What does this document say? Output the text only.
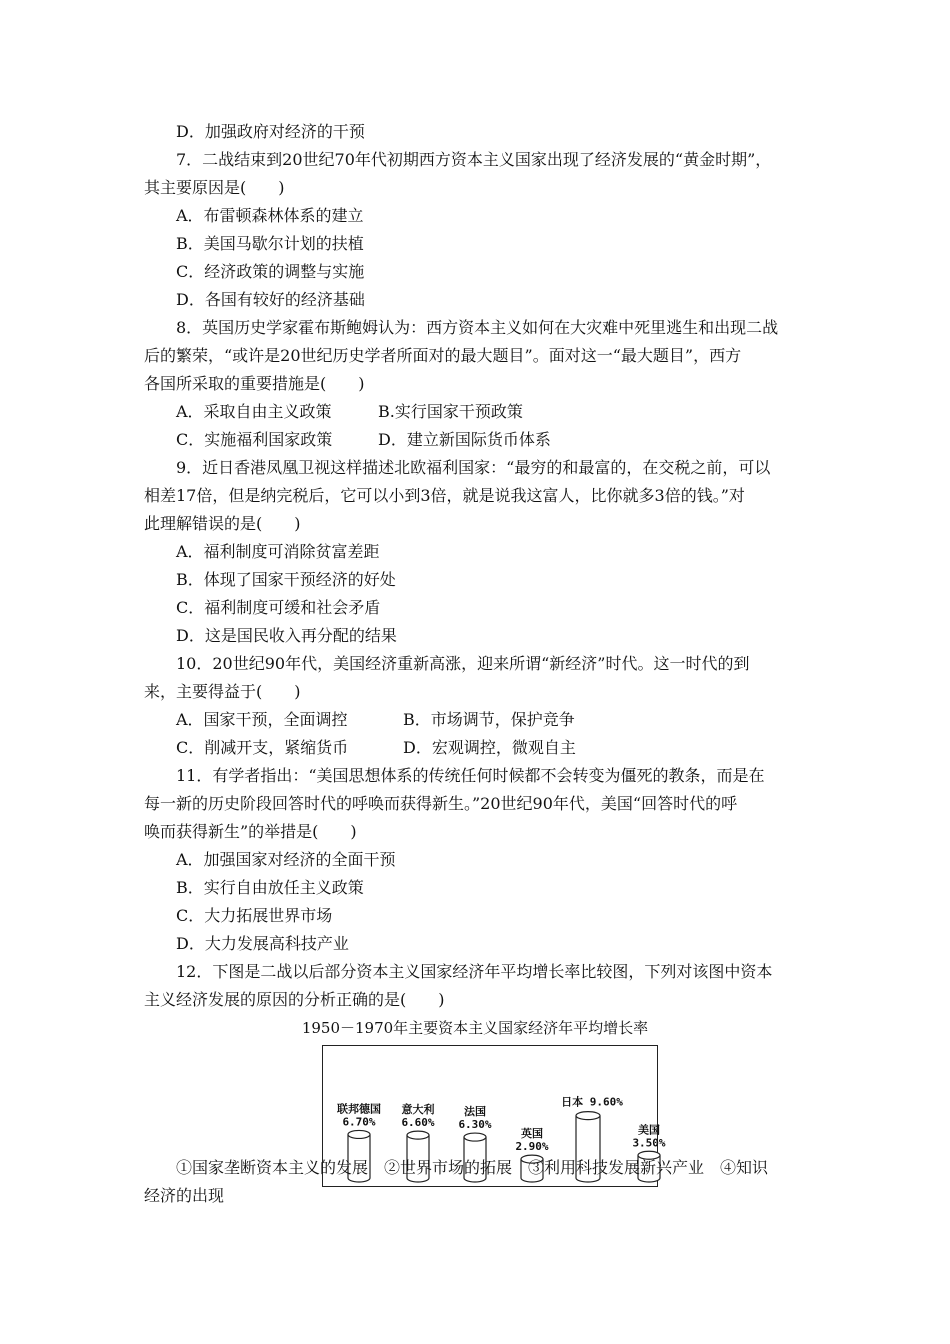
D．加强政府对经济的干预
7．二战结束到20世纪70年代初期西方资本主义国家出现了经济发展的“黄金时期”，
其主要原因是(　　)
A．布雷顿森林体系的建立
B．美国马歇尔计划的扶植
C．经济政策的调整与实施
D．各国有较好的经济基础
8．英国历史学家霍布斯鲍姆认为：西方资本主义如何在大灾难中死里逃生和出现二战
后的繁荣，“或许是20世纪历史学者所面对的最大题目”。面对这一“最大题目”，西方
各国所采取的重要措施是(　　)
A．采取自由主义政策	B.实行国家干预政策
C．实施福利国家政策	D．建立新国际货币体系
9．近日香港凤凰卫视这样描述北欧福利国家：“最穷的和最富的，在交税之前，可以
相差17倍，但是纳完税后，它可以小到3倍，就是说我这富人，比你就多3倍的钱。”对
此理解错误的是(　　)
A．福利制度可消除贫富差距
B．体现了国家干预经济的好处
C．福利制度可缓和社会矛盾
D．这是国民收入再分配的结果
10．20世纪90年代，美国经济重新高涨，迎来所谓“新经济”时代。这一时代的到
来，主要得益于(　　)
A．国家干预，全面调控	B．市场调节，保护竞争
C．削减开支，紧缩货币	D．宏观调控，微观自主
11．有学者指出：“美国思想体系的传统任何时候都不会转变为僵死的教条，而是在
每一新的历史阶段回答时代的呼唤而获得新生。”20世纪90年代，美国“回答时代的呼
唤而获得新生”的举措是(　　)
A．加强国家对经济的全面干预
B．实行自由放任主义政策
C．大力拓展世界市场
D．大力发展高科技产业
12．下图是二战以后部分资本主义国家经济年平均增长率比较图，下列对该图中资本
主义经济发展的原因的分析正确的是(　　)
1950－1970年主要资本主义国家经济年平均增长率
联邦德国
6.70%
意大利
6.60%
法国
6.30%
英国
2.90%
日本 9.60%
美国
3.50%
①国家垄断资本主义的发展　②世界市场的拓展　③利用科技发展新兴产业　④知识
经济的出现
